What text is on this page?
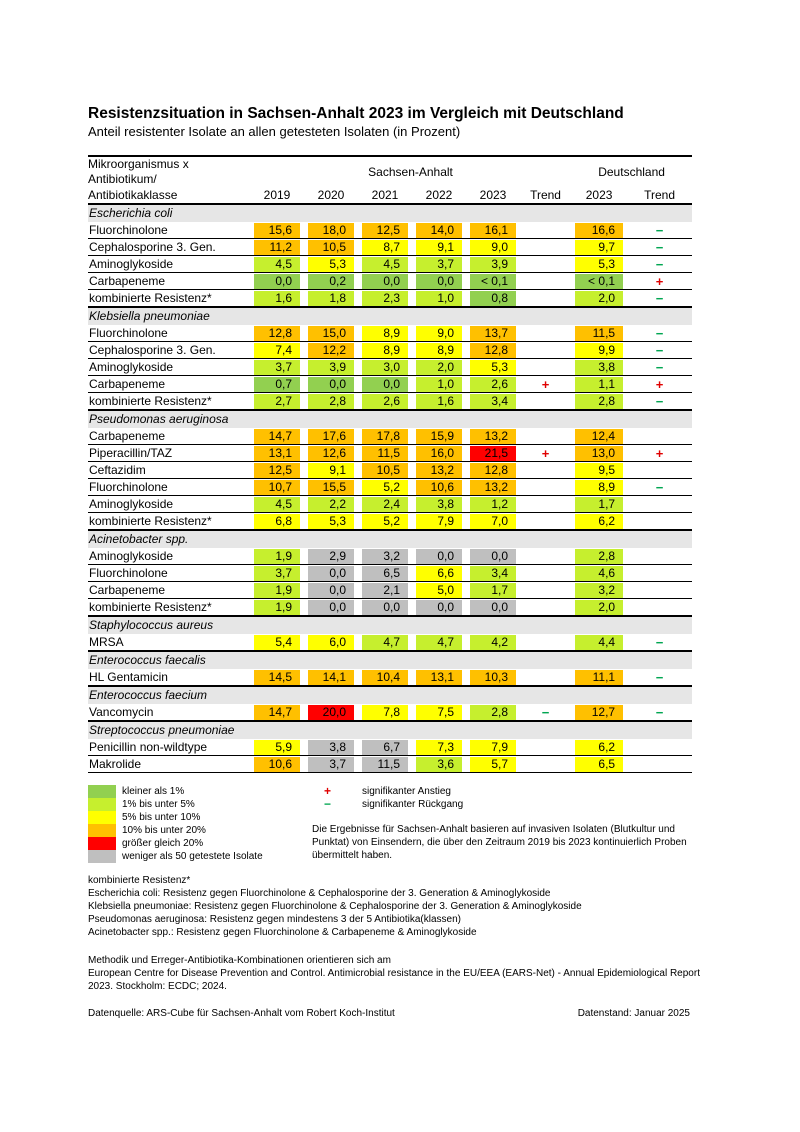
Resistenzsituation in Sachsen-Anhalt 2023 im Vergleich mit Deutschland
Anteil resistenter Isolate an allen getesteten Isolaten (in Prozent)
Mikroorganismus x	Sachsen-Anhalt						Deutschland	
Antibiotikum/								
Antibiotikaklasse	2019	2020	2021	2022	2023	Trend	2023	Trend
Escherichia coli								
Fluorchinolone	15,6	18,0	12,5	14,0	16,1		16,6	−
Cephalosporine 3. Gen.	11,2	10,5	8,7	9,1	9,0		9,7	−
Aminoglykoside	4,5	5,3	4,5	3,7	3,9		5,3	−
Carbapeneme	0,0	0,2	0,0	0,0	< 0,1		< 0,1	+
kombinierte Resistenz*	1,6	1,8	2,3	1,0	0,8		2,0	−
Klebsiella pneumoniae								
Fluorchinolone	12,8	15,0	8,9	9,0	13,7		11,5	−
Cephalosporine 3. Gen.	7,4	12,2	8,9	8,9	12,8		9,9	−
Aminoglykoside	3,7	3,9	3,0	2,0	5,3		3,8	−
Carbapeneme	0,7	0,0	0,0	1,0	2,6	+	1,1	+
kombinierte Resistenz*	2,7	2,8	2,6	1,6	3,4		2,8	−
Pseudomonas aeruginosa								
Carbapeneme	14,7	17,6	17,8	15,9	13,2		12,4	

Piperacillin/TAZ	13,1	12,6	11,5	16,0	21,5	+	13,0	+
Ceftazidim	12,5	9,1	10,5	13,2	12,8		9,5	

Fluorchinolone	10,7	15,5	5,2	10,6	13,2		8,9	−
Aminoglykoside	4,5	2,2	2,4	3,8	1,2		1,7	

kombinierte Resistenz*	6,8	5,3	5,2	7,9	7,0		6,2	

Acinetobacter spp.								
Aminoglykoside	1,9	2,9	3,2	0,0	0,0		2,8	

Fluorchinolone	3,7	0,0	6,5	6,6	3,4		4,6	

Carbapeneme	1,9	0,0	2,1	5,0	1,7		3,2	

kombinierte Resistenz*	1,9	0,0	0,0	0,0	0,0		2,0	

Staphylococcus aureus								
MRSA	5,4	6,0	4,7	4,7	4,2		4,4	−
Enterococcus faecalis								
HL Gentamicin	14,5	14,1	10,4	13,1	10,3		11,1	−
Enterococcus faecium								
Vancomycin	14,7	20,0	7,8	7,5	2,8	−	12,7	−
Streptococcus pneumoniae								
Penicillin non-wildtype	5,9	3,8	6,7	7,3	7,9		6,2	

Makrolide	10,6	3,7	11,5	3,6	5,7		6,5	

kleiner als 1%
1% bis unter 5%
5% bis unter 10%
10% bis unter 20%
größer gleich 20%
weniger als 50 getestete Isolate
+	signifikanter Anstieg
−	signifikanter Rückgang
Die Ergebnisse für Sachsen-Anhalt basieren auf invasiven Isolaten (Blutkultur und Punktat) von Einsendern, die über den Zeitraum 2019 bis 2023 kontinuierlich Proben übermittelt haben.
kombinierte Resistenz*
Escherichia coli: Resistenz gegen Fluorchinolone & Cephalosporine der 3. Generation & Aminoglykoside
Klebsiella pneumoniae: Resistenz gegen Fluorchinolone & Cephalosporine der 3. Generation & Aminoglykoside
Pseudomonas aeruginosa: Resistenz gegen mindestens 3 der 5 Antibiotika(klassen)
Acinetobacter spp.: Resistenz gegen Fluorchinolone & Carbapeneme & Aminoglykoside
Methodik und Erreger-Antibiotika-Kombinationen orientieren sich am
European Centre for Disease Prevention and Control. Antimicrobial resistance in the EU/EEA (EARS-Net) - Annual Epidemiological Report 2023. Stockholm: ECDC; 2024.
Datenquelle: ARS-Cube für Sachsen-Anhalt vom Robert Koch-Institut	Datenstand: Januar 2025
